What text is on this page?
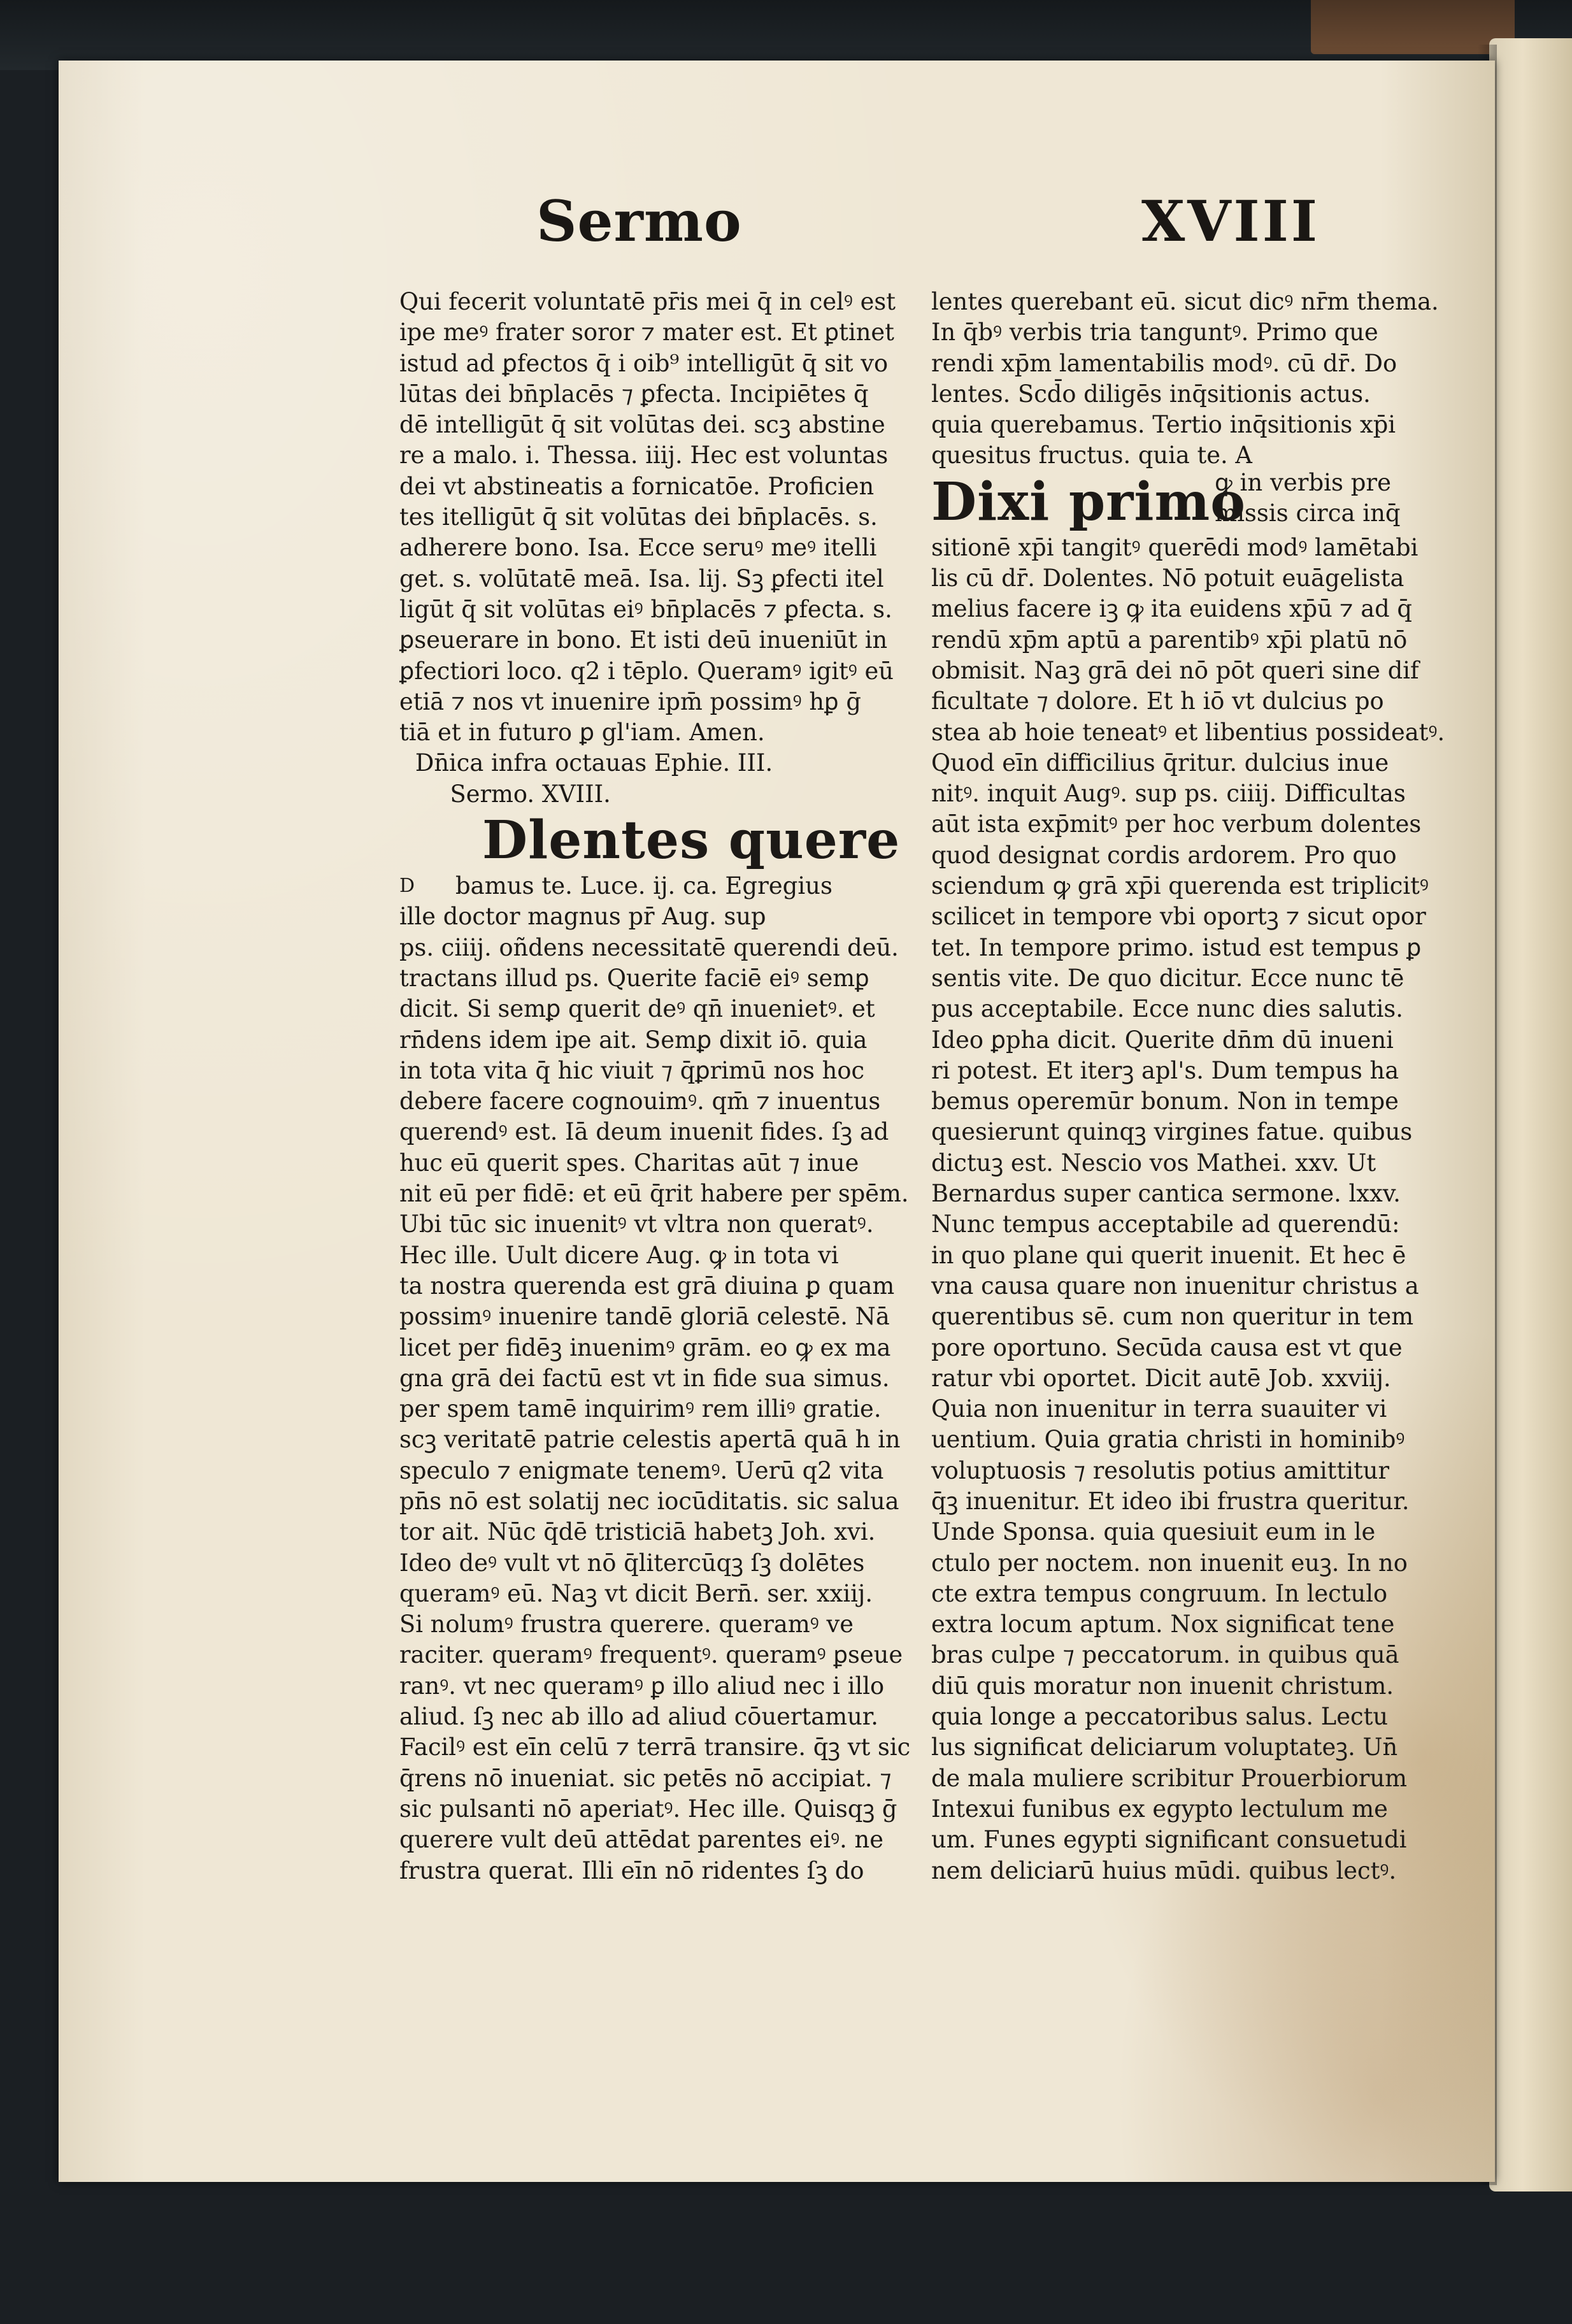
Sermo	XVIII
Qui fecerit voluntatē pr̄is mei q̄ in celꝰ est
ipe meꝰ frater soror ⁊ mater est. Et ꝑtinet
istud ad ꝑfectos q̄ i oib⁹ intelligūt q̄ sit vo
lūtas dei bn̄placēs ⁊ ꝑfecta. Incipiētes q̄
dē intelligūt q̄ sit volūtas dei. scꝫ abstine
re a malo. i. Thessa. iiij. Hec est voluntas
dei vt abstineatis a fornicatōe. Proficien
tes itelligūt q̄ sit volūtas dei bn̄placēs. s.
adherere bono. Isa. Ecce seruꝰ meꝰ itelli
get. s. volūtatē meā. Isa. lij. Sꝫ ꝑfecti itel
ligūt q̄ sit volūtas eiꝰ bn̄placēs ⁊ ꝑfecta. s.
ꝑseuerare in bono. Et isti deū inueniūt in
ꝑfectiori loco. q2 i tēplo. Queramꝰ igitꝰ eū
etiā ⁊ nos vt inuenire ipm̄ possimꝰ hꝑ ḡ
tiā et in futuro ꝑ gl'iam. Amen.
Dn̄ica infra octauas Ephie. III.
Sermo. XVIII.
Dlentes quere
D bamus te. Luce. ij. ca. Egregius
ille doctor magnus pr̄ Aug. sup
ps. ciiij. oñdens necessitatē querendi deū.
tractans illud ps. Querite faciē eiꝰ semꝑ
dicit. Si semꝑ querit deꝰ qn̄ inuenietꝰ. et
rn̄dens idem ipe ait. Semꝑ dixit iō. quia
in tota vita q̄ hic viuit ⁊ q̄ꝑrimū nos hoc
debere facere cognouimꝰ. qm̄ ⁊ inuentus
querendꝰ est. Iā deum inuenit fides. ſꝫ ad
huc eū querit spes. Charitas aūt ⁊ inue
nit eū per fidē: et eū q̄rit habere per spēm.
Ubi tūc sic inuenitꝰ vt vltra non queratꝰ.
Hec ille. Uult dicere Aug. ꝙ in tota vi
ta nostra querenda est grā diuina ꝑ quam
possimꝰ inuenire tandē gloriā celestē. Nā
licet per fidēꝫ inuenimꝰ grām. eo ꝙ ex ma
gna grā dei factū est vt in fide sua simus.
per spem tamē inquirimꝰ rem illiꝰ gratie.
scꝫ veritatē patrie celestis apertā quā h in
speculo ⁊ enigmate tenemꝰ. Uerū q2 vita
pn̄s nō est solatij nec iocūditatis. sic salua
tor ait. Nūc q̄dē tristiciā habetꝫ Joh. xvi.
Ideo deꝰ vult vt nō q̄litercūqꝫ ſꝫ dolētes
queramꝰ eū. Naꝫ vt dicit Bern̄. ser. xxiij.
Si nolumꝰ frustra querere. queramꝰ ve
raciter. queramꝰ frequentꝰ. queramꝰ ꝑseue
ranꝰ. vt nec queramꝰ ꝑ illo aliud nec i illo
aliud. ſꝫ nec ab illo ad aliud cōuertamur.
Facilꝰ est eīn celū ⁊ terrā transire. q̄ꝫ vt sic
q̄rens nō inueniat. sic petēs nō accipiat. ⁊
sic pulsanti nō aperiatꝰ. Hec ille. Quisqꝫ ḡ
querere vult deū attēdat parentes eiꝰ. ne
frustra querat. Illi eīn nō ridentes ſꝫ do
lentes querebant eū. sicut dicꝰ nr̄m thema.
In q̄bꝰ verbis tria tanguntꝰ. Primo que
rendi xp̄m lamentabilis modꝰ. cū dr̄. Do
lentes. Scd̄o diligēs inq̄sitionis actus.
quia querebamus. Tertio inq̄sitionis xp̄i
quesitus fructus. quia te. A
Dixi primo
ꝙ in verbis pre
missis circa inq̄
sitionē xp̄i tangitꝰ querēdi modꝰ lamētabi
lis cū dr̄. Dolentes. Nō potuit euāgelista
melius facere iꝫ ꝙ ita euidens xp̄ū ⁊ ad q̄
rendū xp̄m aptū a parentibꝰ xp̄i platū nō
obmisit. Naꝫ grā dei nō pōt queri sine dif
ficultate ⁊ dolore. Et h iō vt dulcius po
stea ab hoie teneatꝰ et libentius possideatꝰ.
Quod eīn difficilius q̄ritur. dulcius inue
nitꝰ. inquit Augꝰ. sup ps. ciiij. Difficultas
aūt ista exp̄mitꝰ per hoc verbum dolentes
quod designat cordis ardorem. Pro quo
sciendum ꝙ grā xp̄i querenda est triplicitꝰ
scilicet in tempore vbi oportꝫ ⁊ sicut opor
tet. In tempore primo. istud est tempus ꝑ
sentis vite. De quo dicitur. Ecce nunc tē
pus acceptabile. Ecce nunc dies salutis.
Ideo ꝑpha dicit. Querite dn̄m dū inueni
ri potest. Et iterꝫ apl's. Dum tempus ha
bemus operemūr bonum. Non in tempe
quesierunt quinqꝫ virgines fatue. quibus
dictuꝫ est. Nescio vos Mathei. xxv. Ut
Bernardus super cantica sermone. lxxv.
Nunc tempus acceptabile ad querendū:
in quo plane qui querit inuenit. Et hec ē
vna causa quare non inuenitur christus a
querentibus sē. cum non queritur in tem
pore oportuno. Secūda causa est vt que
ratur vbi oportet. Dicit autē Job. xxviij.
Quia non inuenitur in terra suauiter vi
uentium. Quia gratia christi in hominibꝰ
voluptuosis ⁊ resolutis potius amittitur
q̄ꝫ inuenitur. Et ideo ibi frustra queritur.
Unde Sponsa. quia quesiuit eum in le
ctulo per noctem. non inuenit euꝫ. In no
cte extra tempus congruum. In lectulo
extra locum aptum. Nox significat tene
bras culpe ⁊ peccatorum. in quibus quā
diū quis moratur non inuenit christum.
quia longe a peccatoribus salus. Lectu
lus significat deliciarum voluptateꝫ. Un̄
de mala muliere scribitur Prouerbiorum
Intexui funibus ex egypto lectulum me
um. Funes egypti significant consuetudi
nem deliciarū huius mūdi. quibus lectꝰ.
